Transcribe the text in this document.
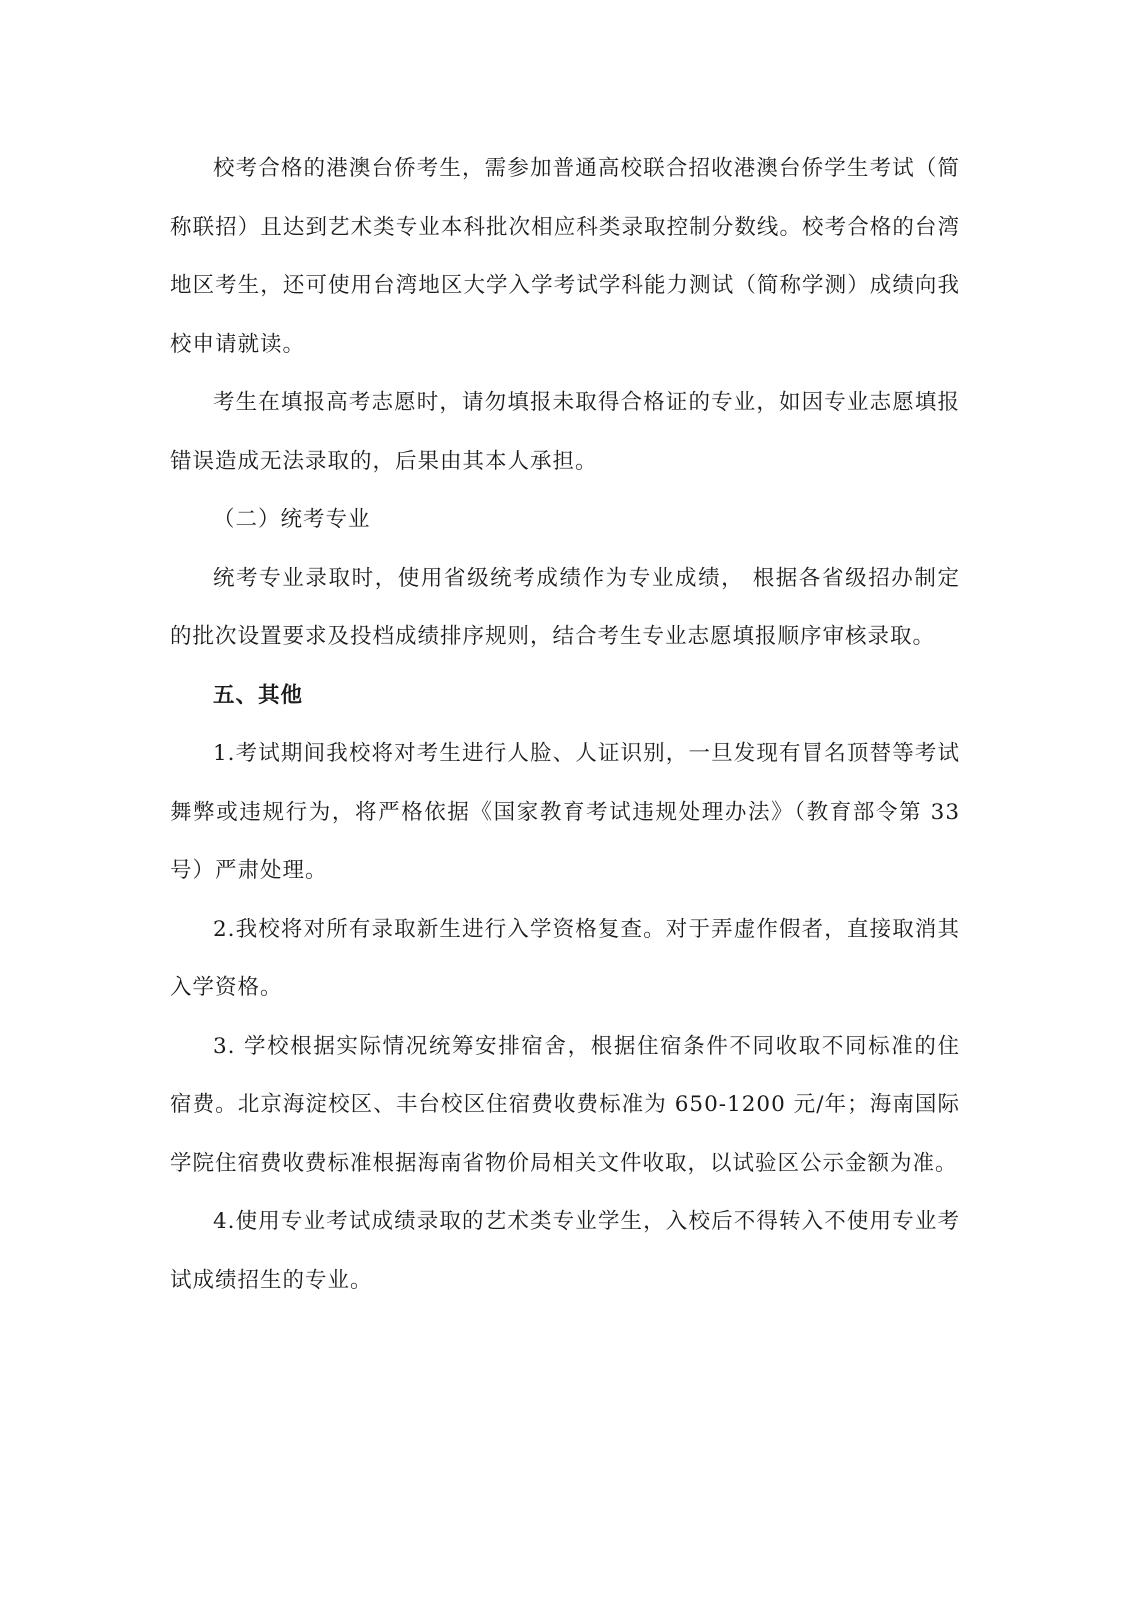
校考合格的港澳台侨考生，需参加普通高校联合招收港澳台侨学生考试（简称联招）且达到艺术类专业本科批次相应科类录取控制分数线。校考合格的台湾地区考生，还可使用台湾地区大学入学考试学科能力测试（简称学测）成绩向我校申请就读。

考生在填报高考志愿时，请勿填报未取得合格证的专业，如因专业志愿填报错误造成无法录取的，后果由其本人承担。

（二）统考专业

统考专业录取时，使用省级统考成绩作为专业成绩， 根据各省级招办制定的批次设置要求及投档成绩排序规则，结合考生专业志愿填报顺序审核录取。

五、其他

1.考试期间我校将对考生进行人脸、人证识别，一旦发现有冒名顶替等考试舞弊或违规行为，将严格依据《国家教育考试违规处理办法》（教育部令第 33 号）严肃处理。

2.我校将对所有录取新生进行入学资格复查。对于弄虚作假者，直接取消其入学资格。

3. 学校根据实际情况统筹安排宿舍，根据住宿条件不同收取不同标准的住宿费。北京海淀校区、丰台校区住宿费收费标准为 650-1200 元/年；海南国际学院住宿费收费标准根据海南省物价局相关文件收取，以试验区公示金额为准。

4.使用专业考试成绩录取的艺术类专业学生，入校后不得转入不使用专业考试成绩招生的专业。
